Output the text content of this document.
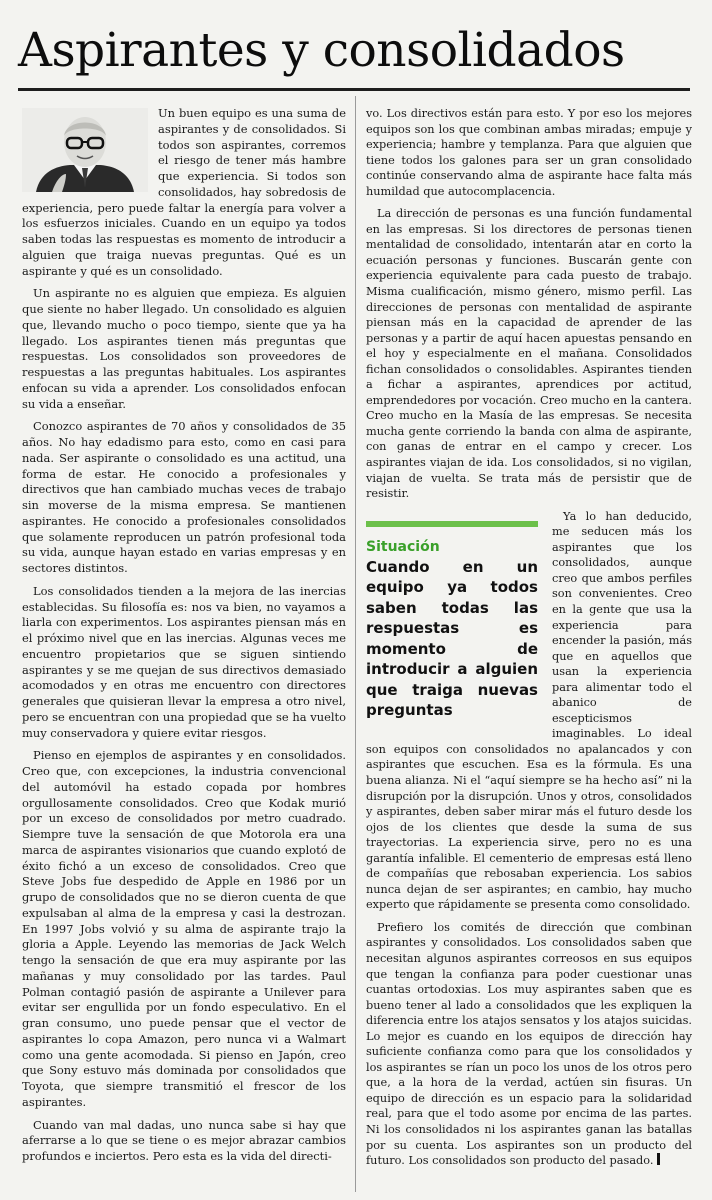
Aspirantes y consolidados

Un buen equipo es una suma de aspirantes y de consolidados. Si todos son aspirantes, corremos el riesgo de tener más hambre que experiencia. Si todos son consolidados, hay sobredosis de experiencia, pero puede faltar la energía para volver a los esfuerzos iniciales. Cuando en un equipo ya todos saben todas las respuestas es momento de introducir a alguien que traiga nuevas preguntas. Qué es un aspirante y qué es un consolidado.

Un aspirante no es alguien que empieza. Es alguien que siente no haber llegado. Un consolidado es alguien que, llevando mucho o poco tiempo, siente que ya ha llegado. Los aspirantes tienen más preguntas que respuestas. Los consolidados son proveedores de respuestas a las preguntas habituales. Los aspirantes enfocan su vida a aprender. Los consolidados enfocan su vida a enseñar.

Conozco aspirantes de 70 años y consolidados de 35 años. No hay edadismo para esto, como en casi para nada. Ser aspirante o consolidado es una actitud, una forma de estar. He conocido a profesionales y directivos que han cambiado muchas veces de trabajo sin moverse de la misma empresa. Se mantienen aspirantes. He conocido a profesionales consolidados que solamente reproducen un patrón profesional toda su vida, aunque hayan estado en varias empresas y en sectores distintos.

Los consolidados tienden a la mejora de las inercias establecidas. Su filosofía es: nos va bien, no vayamos a liarla con experimentos. Los aspirantes piensan más en el próximo nivel que en las inercias. Algunas veces me encuentro propietarios que se siguen sintiendo aspirantes y se me quejan de sus directivos demasiado acomodados y en otras me encuentro con directores generales que quisieran llevar la empresa a otro nivel, pero se encuentran con una propiedad que se ha vuelto muy conservadora y quiere evitar riesgos.

Pienso en ejemplos de aspirantes y en consolidados. Creo que, con excepciones, la industria convencional del automóvil ha estado copada por hombres orgullosamente consolidados. Creo que Kodak murió por un exceso de consolidados por metro cuadrado. Siempre tuve la sensación de que Motorola era una marca de aspirantes visionarios que cuando explotó de éxito fichó a un exceso de consolidados. Creo que Steve Jobs fue despedido de Apple en 1986 por un grupo de consolidados que no se dieron cuenta de que expulsaban al alma de la empresa y casi la destrozan. En 1997 Jobs volvió y su alma de aspirante trajo la gloria a Apple. Leyendo las memorias de Jack Welch tengo la sensación de que era muy aspirante por las mañanas y muy consolidado por las tardes. Paul Polman contagió pasión de aspirante a Unilever para evitar ser engullida por un fondo especulativo. En el gran consumo, uno puede pensar que el vector de aspirantes lo copa Amazon, pero nunca vi a Walmart como una gente acomodada. Si pienso en Japón, creo que Sony estuvo más dominada por consolidados que Toyota, que siempre transmitió el frescor de los aspirantes.

Cuando van mal dadas, uno nunca sabe si hay que aferrarse a lo que se tiene o es mejor abrazar cambios profundos e inciertos. Pero esta es la vida del directi-

vo. Los directivos están para esto. Y por eso los mejores equipos son los que combinan ambas miradas; empuje y experiencia; hambre y templanza. Para que alguien que tiene todos los galones para ser un gran consolidado continúe conservando alma de aspirante hace falta más humildad que autocomplacencia.

La dirección de personas es una función fundamental en las empresas. Si los directores de personas tienen mentalidad de consolidado, intentarán atar en corto la ecuación personas y funciones. Buscarán gente con experiencia equivalente para cada puesto de trabajo. Misma cualificación, mismo género, mismo perfil. Las direcciones de personas con mentalidad de aspirante piensan más en la capacidad de aprender de las personas y a partir de aquí hacen apuestas pensando en el hoy y especialmente en el mañana. Consolidados fichan consolidados o consolidables. Aspirantes tienden a fichar a aspirantes, aprendices por actitud, emprendedores por vocación. Creo mucho en la cantera. Creo mucho en la Masía de las empresas. Se necesita mucha gente corriendo la banda con alma de aspirante, con ganas de entrar en el campo y crecer. Los aspirantes viajan de ida. Los consolidados, si no vigilan, viajan de vuelta. Se trata más de persistir que de resistir.

Situación
Cuando en un equipo ya todos saben todas las respuestas es momento de introducir a alguien que traiga nuevas preguntas

Ya lo han deducido, me seducen más los aspirantes que los consolidados, aunque creo que ambos perfiles son convenientes. Creo en la gente que usa la experiencia para encender la pasión, más que en aquellos que usan la experiencia para alimentar todo el abanico de escepticismos imaginables. Lo ideal son equipos con consolidados no apalancados y con aspirantes que escuchen. Esa es la fórmula. Es una buena alianza. Ni el “aquí siempre se ha hecho así” ni la disrupción por la disrupción. Unos y otros, consolidados y aspirantes, deben saber mirar más el futuro desde los ojos de los clientes que desde la suma de sus trayectorias. La experiencia sirve, pero no es una garantía infalible. El cementerio de empresas está lleno de compañías que rebosaban experiencia. Los sabios nunca dejan de ser aspirantes; en cambio, hay mucho experto que rápidamente se presenta como consolidado.

Prefiero los comités de dirección que combinan aspirantes y consolidados. Los consolidados saben que necesitan algunos aspirantes correosos en sus equipos que tengan la confianza para poder cuestionar unas cuantas ortodoxias. Los muy aspirantes saben que es bueno tener al lado a consolidados que les expliquen la diferencia entre los atajos sensatos y los atajos suicidas. Lo mejor es cuando en los equipos de dirección hay suficiente confianza como para que los consolidados y los aspirantes se rían un poco los unos de los otros pero que, a la hora de la verdad, actúen sin fisuras. Un equipo de dirección es un espacio para la solidaridad real, para que el todo asome por encima de las partes. Ni los consolidados ni los aspirantes ganan las batallas por su cuenta. Los aspirantes son un producto del futuro. Los consolidados son producto del pasado.
